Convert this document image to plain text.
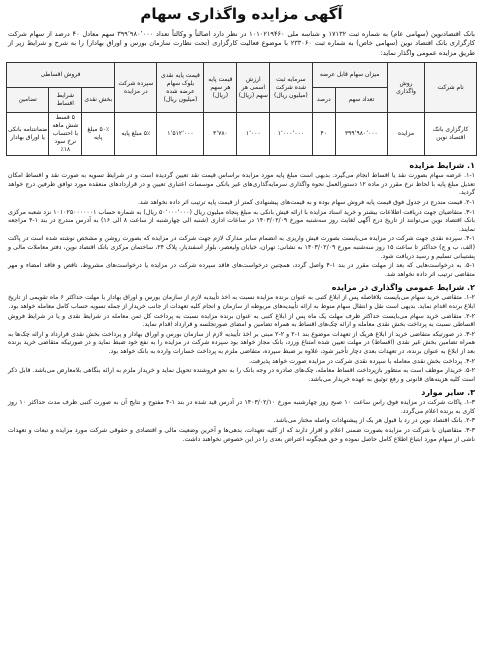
آگهی مزایده واگذاری سهام
بانک اقتصادنوین (سهامی عام) به شماره ثبت ۱۷۱۳۲ و شناسه ملی ۱۰۱۰۲۱۹۴۶۰ در نظر دارد اصالتاً و وکالتاً تعداد ۳۹۹٬۹۸۰٬۰۰۰ سهم معادل ۴۰ درصد از سهام شرکت کارگزاری بانک اقتصاد نوین (سهامی خاص) به شماره ثبت ۲۳۳۰۶۰ با موضوع فعالیت کارگزاری (تحت نظارت سازمان بورس و اوراق بهادار) را به شرح و شرایط زیر از طریق مزایده عمومی واگذار نماید:
نام شرکت	روش واگذاری	میزان سهام قابل عرضه		سرمایه ثبت شده شرکت (میلیون ریال)	ارزش اسمی هر سهم (ریال)	قیمت پایه هر سهم (ریال)	قیمت پایه نقدی بلوک سهام عرضه شده (میلیون ریال)	سپرده شرکت در مزایده	فروش اقساطی		
		تعداد سهم	درصد						بخش نقدی	شرایط اقساط	تضامین
کارگزاری بانک اقتصاد نوین	مزایده	۳۹۹٬۹۸۰٬۰۰۰	۴۰	۱٬۰۰۰٬۰۰۰	۱٬۰۰۰	۳٬۷۸۰	۱٬۵۱۲٬۰۰۰	۵٪ مبلغ پایه	۵۰٪ مبلغ پایه	۵ قسط شش ماهه با احتساب نرخ سود ۱۸٪	ضمانتنامه بانکی یا اوراق بهادار
۱. شرایط مزایده
۱-۱. عرضه سهام بصورت نقد یا اقساط انجام می‌گیرد. بدیهی است مبلغ پایه مورد مزایده براساس قیمت نقد تعیین گردیده است و در شرایط تسویه به صورت نقد و اقساط امکان تعدیل مبلغ پایه با لحاظ نرخ مقرر در ماده ۱۲ دستورالعمل نحوه واگذاری سرمایه‌گذاری‌های غیر بانکی موسسات اعتباری تعیین و در قراردادهای منعقده مورد توافق طرفین درج خواهد گردید.
۲-۱. قیمت مندرج در جدول فوق قیمت پایه فروش سهام بوده و به قیمت‌های پیشنهادی کمتر از قیمت پایه ترتیب اثر داده نخواهد شد.
۳-۱. متقاضیان جهت دریافت اطلاعات بیشتر و خرید اسناد مزایده با ارائه فیش بانکی به مبلغ پنجاه میلیون ریال (۵۰٬۰۰۰٬۰۰۰ ریال) به شماره حساب ۱۰۱۰۲۵۰۰۰۰۰۰۱ نزد شعبه مرکزی بانک اقتصاد نوین می‌توانند از تاریخ درج آگهی لغایت روز سه‌شنبه مورخ ۱۴۰۳/۰۲/۰۹ در ساعات اداری (شنبه الی چهارشنبه از ساعت ۸ الی ۱۶) به آدرس مندرج در بند ۱-۴ مراجعه نمایند.
۴-۱. سپرده نقدی جهت شرکت در مزایده می‌بایست بصورت فیش واریزی به انضمام سایر مدارک لازم جهت شرکت در مزایده که بصورت روشن و مشخص نوشته شده است در پاکت (الف، ب و ج) حداکثر تا ساعت ۱۵ روز سه‌شنبه مورخ ۱۴۰۳/۰۲/۰۹ به نشانی: تهران، خیابان ولیعصر، بلوار اسفندیار، پلاک ۲۴، ساختمان مرکزی بانک اقتصاد نوین، دفتر معاملات مالی و پشتیبانی تسلیم و رسید دریافت شود.
۵-۱. به درخواست‌هایی که بعد از مهلت مقرر در بند ۱-۴ واصل گردد، همچنین درخواست‌های فاقد سپرده شرکت در مزایده یا درخواست‌های مشروط، ناقص و فاقد امضاء و مهر متقاضی ترتیب اثر داده نخواهد شد.
۲. شرایط عمومی واگذاری در مزایده
۱-۲. متقاضی خرید سهام می‌بایست بلافاصله پس از ابلاغ کتبی به عنوان برنده مزایده نسبت به اخذ تأییدیه لازم از سازمان بورس و اوراق بهادار با مهلت حداکثر ۶ ماه تقویمی از تاریخ ابلاغ برنده اقدام نماید. بدیهی است نقل و انتقال سهام منوط به ارائه تأییدیه‌های مربوطه از سازمان و انجام کلیه تعهدات از جانب خریدار از جمله تسویه حساب کامل معامله خواهد بود.
۲-۲. متقاضی خرید سهام می‌بایست حداکثر ظرف مهلت یک ماه پس از ابلاغ کتبی به عنوان برنده مزایده نسبت به پرداخت کل ثمن معامله در شرایط نقدی و یا در شرایط فروش اقساطی نسبت به پرداخت بخش نقدی معامله و ارائه چک‌های اقساط به همراه تضامین و امضای صورتجلسه و قرارداد اقدام نماید.
۳-۲. در صورتیکه متقاضی خرید از ابلاغ هریک از تعهدات موضوع بند ۱-۲ و ۲-۲ مبنی بر اخذ تأییدیه لازم از سازمان بورس و اوراق بهادار و پرداخت بخش نقدی قرارداد و ارائه چک‌ها به همراه تضامین بخش غیر نقدی (اقساط) در مهلت تعیین شده امتناع ورزد، بانک مجاز خواهد بود سپرده شرکت در مزایده را به نفع خود ضبط نماید و در صورتیکه متقاضی خرید برنده بعد از ابلاغ به عنوان برنده، در تعهدات بعدی دچار تأخیر شود، علاوه بر ضبط سپرده، متقاضی ملزم به پرداخت خسارات وارده به بانک خواهد بود.
۴-۲. پرداخت بخش نقدی معامله با سپرده نقدی شرکت در مزایده صورت خواهد پذیرفت.
۵-۲. خریدار موظف است به منظور بازپرداخت اقساط معامله، چک‌های صادره در وجه بانک را به نحو فروشنده تحویل نماید و خریدار ملزم به ارائه بنگاهی بلامعارض می‌باشد. قابل ذکر است کلیه هزینه‌های قانونی و رفع توثیق به عهده خریدار می‌باشد.
۳. سایر موارد
۱-۳. پاکات شرکت در مزایده فوق راس ساعت ۱۰ صبح روز چهارشنبه مورخ ۱۴۰۳/۰۲/۱۰ در آدرس قید شده در بند ۱-۴ مفتوح و نتایج آن به صورت کتبی ظرف مدت حداکثر ۱۰ روز کاری به برنده اعلام می‌گردد.
۲-۳. بانک اقتصاد نوین در رد یا قبول هر یک از پیشنهادات واصله مختار می‌باشد.
۳-۳. متقاضیان با شرکت در مزایده بصورت ضمنی اعلام و اقرار دارند که از کلیه تعهدات، بدهی‌ها و آخرین وضعیت مالی و اقتصادی و حقوقی شرکت مورد مزایده و تبعات و تعهدات ناشی از سهام مورد ابتیاع اطلاع کامل حاصل نموده و حق هیچگونه اعتراض بعدی را در این خصوص نخواهند داشت.
